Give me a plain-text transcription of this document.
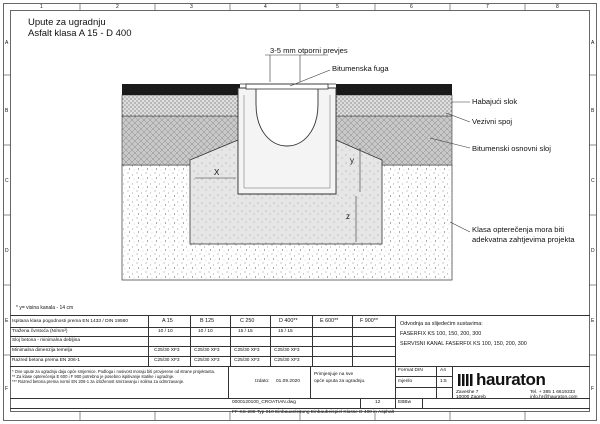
1	2	3	4	5	6	7	8
A
B
C
D
E
F
A
B
C
D
E
F
Upute za ugradnju
Asfalt klasa A 15 - D 400
X
y
z
3-5 mm otporni prevjes
Bitumenska fuga
Habajući slok
Vezivni spoj
Bitumenski osnovni sloj
Klasa opterečenja mora biti
adekvatna zahtjevima projekta
* y= visina kanala - 14 cm
Ispitana klasa pogodnosti prema EN 1433 / DIN 19580	A 15	B 125	C 250	D 400**	E 600**	F 900**
Tražena čvrstoća (N/mm²)	10 / 10	10 / 10	15 / 15	15 / 15
Sloj betona - minimalna debljina
Minimalna dimenzija temelja	C25/30 XF3	C25/30 XF3	C25/30 XF3	C25/30 XF3
Razred betona prema EN 206-1	C25/30 XF3	C25/30 XF3	C25/30 XF3	C25/30 XF3
* Ove upute za ugradnju daju opće smjernice. Podloga i nosivost moraju biti provjerene od strane projektanta.
** Za klase opterećenja E 600 i F 900 potrebno je posebno ispitivanje statike i ugradnje.
*** Razred betona prema normi EN 206-1 za izloženost smrzavanju i solima za odmrzavanje.	Izdato: 01.09.2020
Primjenjuje na sve
opće uputa za ugradnju.
Odvodnja sa slijedećim sustavima:
FASERFIX KS 100, 150, 200, 300
SERVISNI KANAL FASERFIX KS 100, 150, 200, 300
Format DIN	A4
mjerilo	1:5 hauraton
Zaveshe 7
10000 Zagreb
Tel. + 385 1 6619333
info.hr@hauraton.com
0000120100_CROATIAN.dwg	12	EBBw
FF-KS-200 Typ 010 Einbauanleitung Einbaubeispiel Klasse D 400 in Asphalt
